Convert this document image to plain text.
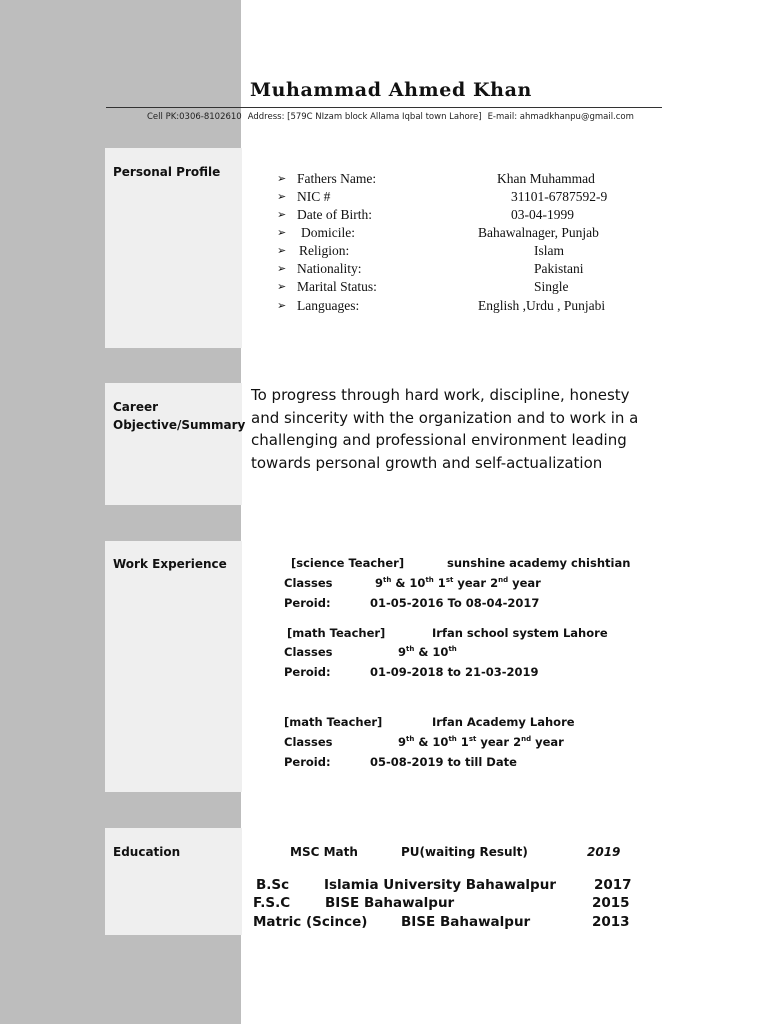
Personal Profile
Career
Objective/Summary
Work Experience
Education
Muhammad Ahmed Khan
Cell PK:0306-8102610 Address: [579C NIzam block Allama Iqbal town Lahore] E-mail: ahmadkhanpu@gmail.com
➢ Fathers Name:	Khan Muhammad
➢ NIC #	31101-6787592-9
➢ Date of Birth:	03-04-1999
➢ Domicile:	Bahawalnager, Punjab
➢ Religion:	Islam
➢ Nationality:	Pakistani
➢ Marital Status:	Single
➢ Languages:	English ,Urdu , Punjabi
To progress through hard work, discipline, honesty and sincerity with the organization and to work in a challenging and professional environment leading towards personal growth and self-actualization
[science Teacher]	sunshine academy chishtian
Classes	9th & 10th 1st year 2nd year
Peroid:	01-05-2016 To 08-04-2017
[math Teacher]	Irfan school system Lahore
Classes	9th & 10th
Peroid:	01-09-2018 to 21-03-2019
[math Teacher]	Irfan Academy Lahore
Classes	9th & 10th 1st year 2nd year
Peroid:	05-08-2019 to till Date
MSC Math	PU(waiting Result)	2019
B.Sc	Islamia University Bahawalpur	2017
F.S.C	BISE Bahawalpur	2015
Matric (Scince) BISE Bahawalpur	2013
